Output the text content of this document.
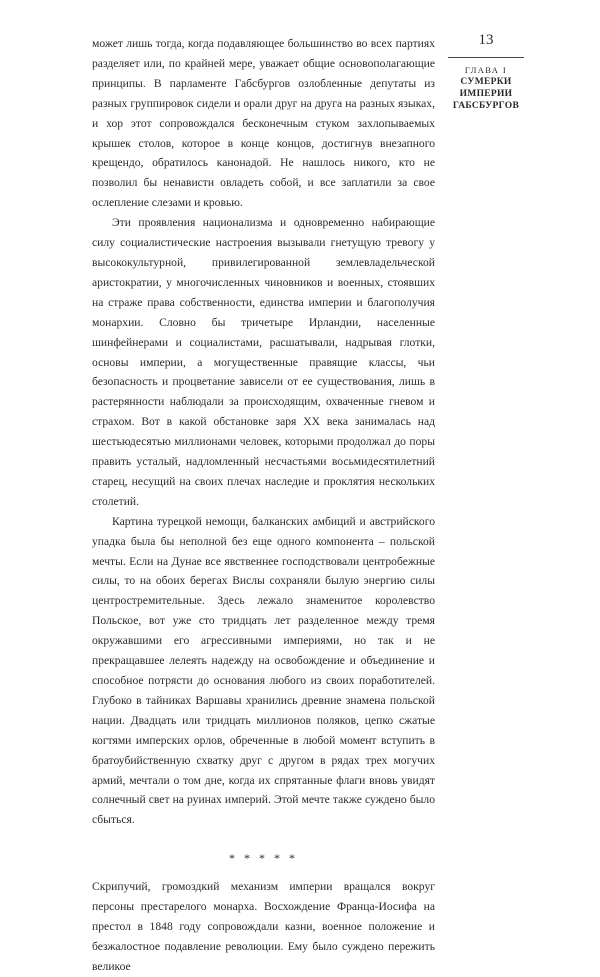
может лишь тогда, когда подавляющее большинство во всех партиях разделяет или, по крайней мере, уважает общие основополагающие принципы. В парламенте Габсбургов озлобленные депутаты из разных группировок сидели и орали друг на друга на разных языках, и хор этот сопровождался бесконечным стуком захлопываемых крышек столов, которое в конце концов, достигнув внезапного крещендо, обратилось канонадой. Не нашлось никого, кто не позволил бы ненависти овладеть собой, и все заплатили за свое ослепление слезами и кровью.

Эти проявления национализма и одновременно набирающие силу социалистические настроения вызывали гнетущую тревогу у высококультурной, привилегированной землевладельческой аристократии, у многочисленных чиновников и военных, стоявших на страже права собственности, единства империи и благополучия монархии. Словно бы тричетыре Ирландии, населенные шинфейнерами и социалистами, расшатывали, надрывая глотки, основы империи, а могущественные правящие классы, чьи безопасность и процветание зависели от ее существования, лишь в растерянности наблюдали за происходящим, охваченные гневом и страхом. Вот в какой обстановке заря XX века занималась над шестьюдесятью миллионами человек, которыми продолжал до поры править усталый, надломленный несчастьями восьмидесятилетний старец, несущий на своих плечах наследие и проклятия нескольких столетий.

Картина турецкой немощи, балканских амбиций и австрийского упадка была бы неполной без еще одного компонента – польской мечты. Если на Дунае все явственнее господствовали центробежные силы, то на обоих берегах Вислы сохраняли былую энергию силы центростремительные. Здесь лежало знаменитое королевство Польское, вот уже сто тридцать лет разделенное между тремя окружавшими его агрессивными империями, но так и не прекращавшее лелеять надежду на освобождение и объединение и способное потрясти до основания любого из своих поработителей. Глубоко в тайниках Варшавы хранились древние знамена польской нации. Двадцать или тридцать миллионов поляков, цепко сжатые когтями имперских орлов, обреченные в любой момент вступить в братоубийственную схватку друг с другом в рядах трех могучих армий, мечтали о том дне, когда их спрятанные флаги вновь увидят солнечный свет на руинах империй. Этой мечте также суждено было сбыться.

* * * * *

Скрипучий, громоздкий механизм империи вращался вокруг персоны престарелого монарха. Восхождение Франца-Иосифа на престол в 1848 году сопровождали казни, военное положение и безжалостное подавление революции. Ему было суждено пережить великое

13
ГЛАВА I
СУМЕРКИ
ИМПЕРИИ
ГАБСБУРГОВ
